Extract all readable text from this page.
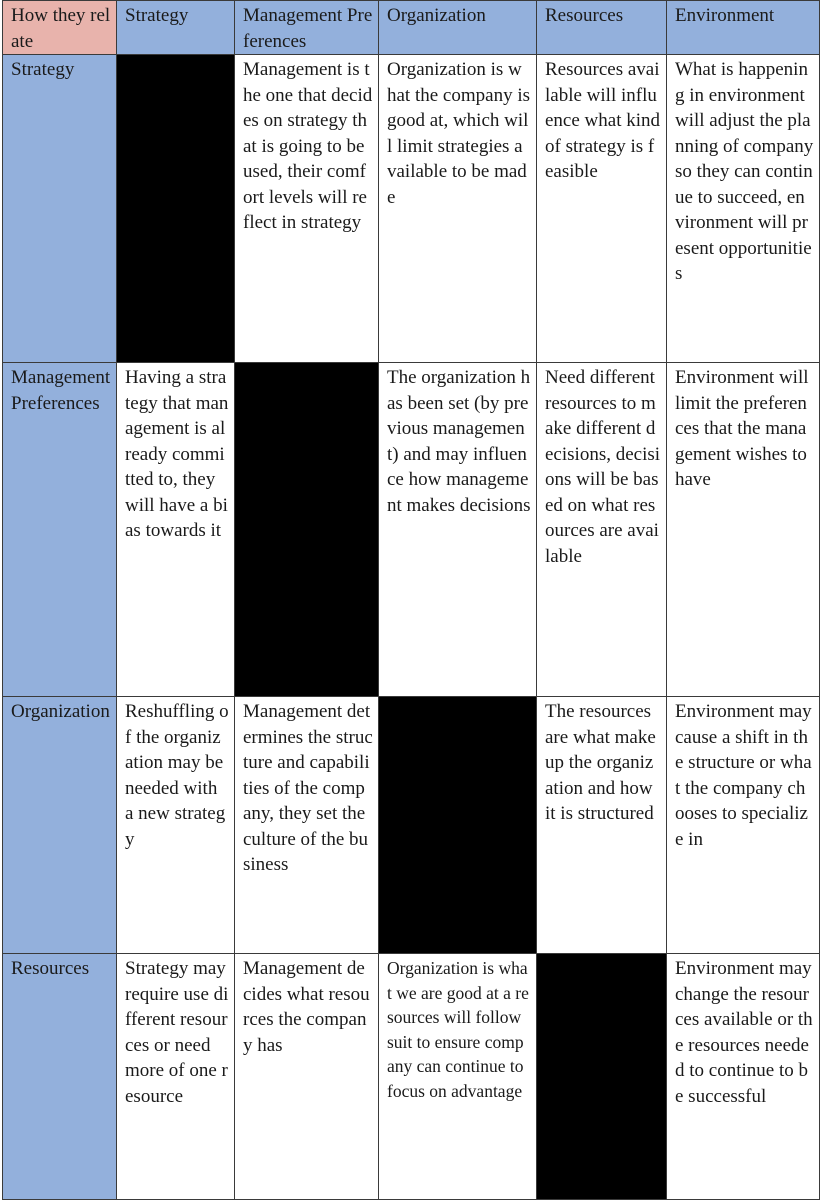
How they relate	Strategy	Management Preferences	Organization	Resources	Environment
Strategy		Management is the one that decides on strategy that is going to be used, their comfort levels will reflect in strategy	Organization is what the company is good at, which will limit strategies available to be made	Resources available will influence what kind of strategy is feasible	What is happening in environment will adjust the planning of company so they can continue to succeed, environment will present opportunities
Management Preferences	Having a strategy that management is already committed to, they will have a bias towards it		The organization has been set (by previous management) and may influence how management makes decisions	Need different resources to make different decisions, decisions will be based on what resources are available	Environment will limit the preferences that the management wishes to have
Organization	Reshuffling of the organization may be needed with a new strategy	Management determines the structure and capabilities of the company, they set the culture of the business		The resources are what make up the organization and how it is structured	Environment may cause a shift in the structure or what the company chooses to specialize in
Resources	Strategy may require use different resources or need more of one resource	Management decides what resources the company has	Organization is what we are good at a resources will follow suit to ensure company can continue to focus on advantage		Environment may change the resources available or the resources needed to continue to be successful
